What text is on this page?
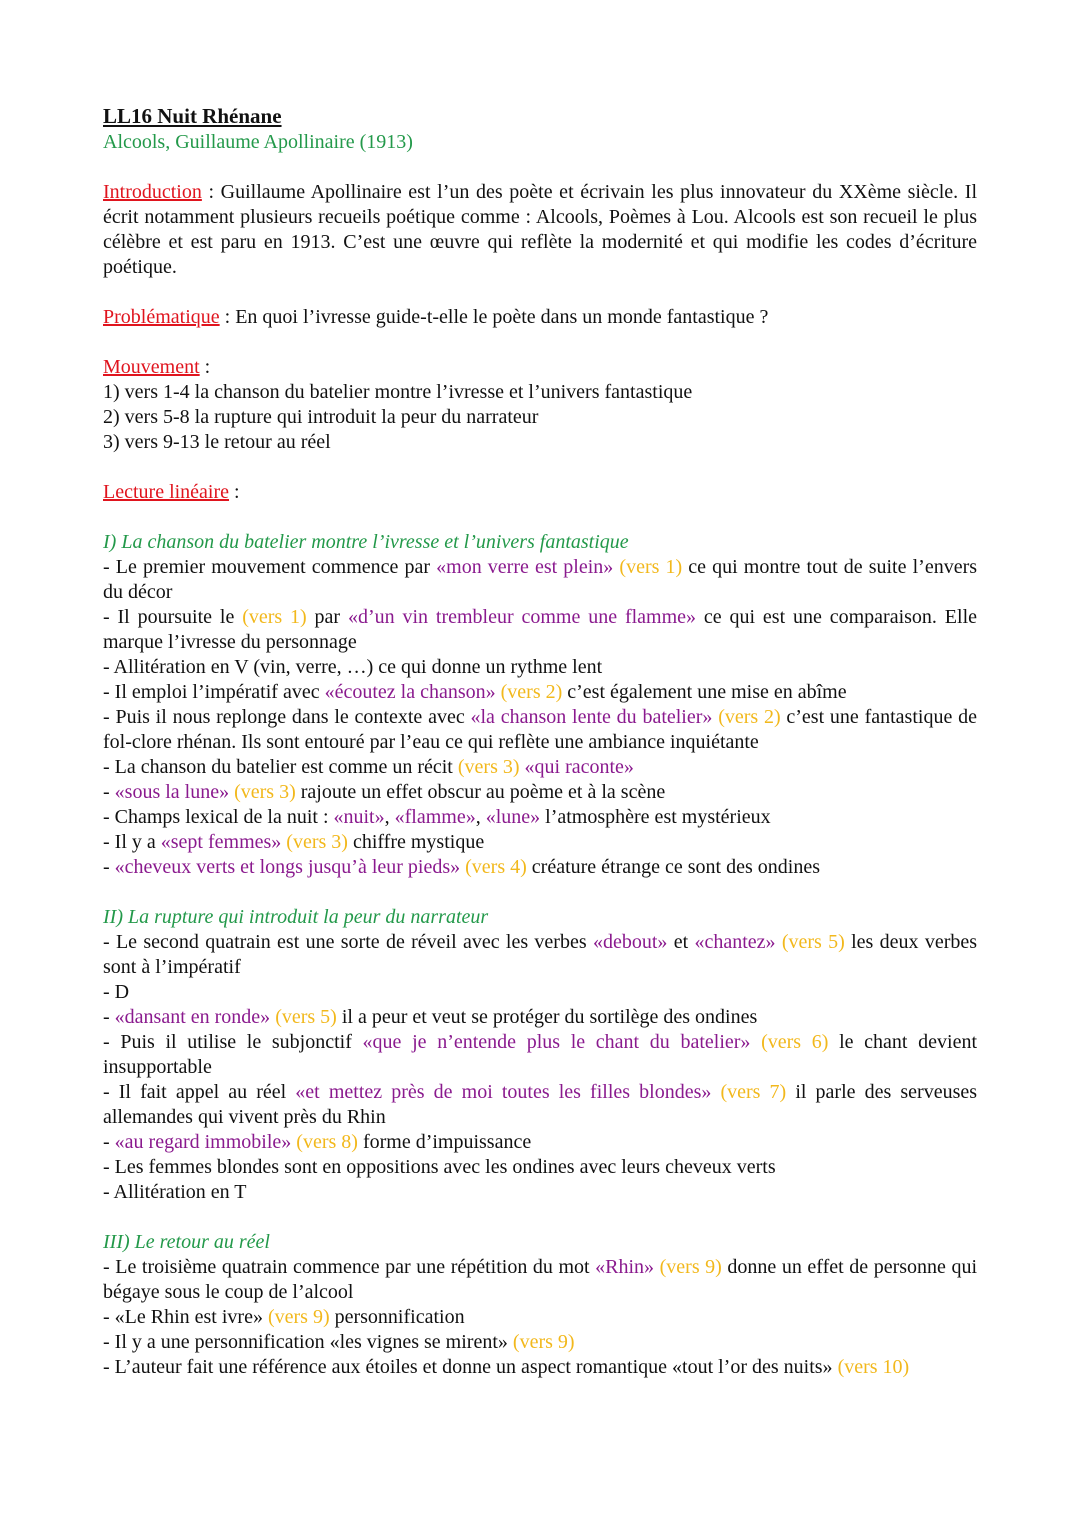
LL16 Nuit Rhénane

Alcools, Guillaume Apollinaire (1913)

Introduction : Guillaume Apollinaire est l’un des poète et écrivain les plus innovateur du XXème siècle. Il écrit notamment plusieurs recueils poétique comme : Alcools, Poèmes à Lou. Alcools est son recueil le plus célèbre et est paru en 1913. C’est une œuvre qui reflète la modernité et qui modifie les codes d’écriture poétique.

Problématique : En quoi l’ivresse guide-t-elle le poète dans un monde fantastique ?

Mouvement :

1) vers 1-4 la chanson du batelier montre l’ivresse et l’univers fantastique

2) vers 5-8 la rupture qui introduit la peur du narrateur

3) vers 9-13 le retour au réel

Lecture linéaire :

I) La chanson du batelier montre l’ivresse et l’univers fantastique

- Le premier mouvement commence par «mon verre est plein» (vers 1) ce qui montre tout de suite l’envers du décor

- Il poursuite le (vers 1) par «d’un vin trembleur comme une flamme» ce qui est une comparaison. Elle marque l’ivresse du personnage

- Allitération en V (vin, verre, …) ce qui donne un rythme lent

- Il emploi l’impératif avec «écoutez la chanson» (vers 2) c’est également une mise en abîme

- Puis il nous replonge dans le contexte avec «la chanson lente du batelier» (vers 2) c’est une fantastique de fol-clore rhénan. Ils sont entouré par l’eau ce qui reflète une ambiance inquiétante

- La chanson du batelier est comme un récit (vers 3) «qui raconte»

- «sous la lune» (vers 3) rajoute un effet obscur au poème et à la scène

- Champs lexical de la nuit : «nuit», «flamme», «lune» l’atmosphère est mystérieux

- Il y a «sept femmes» (vers 3) chiffre mystique

- «cheveux verts et longs jusqu’à leur pieds» (vers 4) créature étrange ce sont des ondines

II) La rupture qui introduit la peur du narrateur

- Le second quatrain est une sorte de réveil avec les verbes «debout» et «chantez» (vers 5) les deux verbes sont à l’impératif

- D

- «dansant en ronde» (vers 5) il a peur et veut se protéger du sortilège des ondines

- Puis il utilise le subjonctif «que je n’entende plus le chant du batelier» (vers 6) le chant devient insupportable

- Il fait appel au réel «et mettez près de moi toutes les filles blondes» (vers 7) il parle des serveuses allemandes qui vivent près du Rhin

- «au regard immobile» (vers 8) forme d’impuissance

- Les femmes blondes sont en oppositions avec les ondines avec leurs cheveux verts

- Allitération en T

III) Le retour au réel

- Le troisième quatrain commence par une répétition du mot «Rhin» (vers 9) donne un effet de personne qui bégaye sous le coup de l’alcool

- «Le Rhin est ivre» (vers 9) personnification

- Il y a une personnification «les vignes se mirent» (vers 9)

- L’auteur fait une référence aux étoiles et donne un aspect romantique «tout l’or des nuits» (vers 10)
